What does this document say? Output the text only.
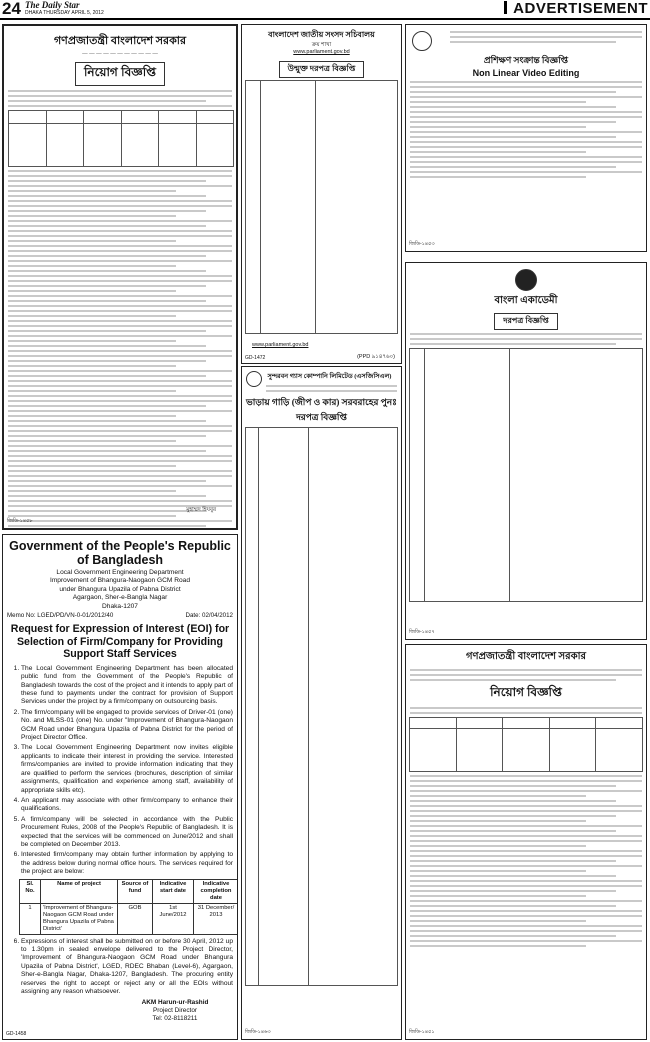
24 The Daily Star
DHAKA THURSDAY APRIL 5, 2012	ADVERTISEMENT
গণপ্রজাতন্ত্রী বাংলাদেশ সরকার
— — — — — — — — — — —
নিয়োগ বিজ্ঞপ্তি

মুহাম্মদ হিযবুর
জিডি-১৪৫৮
বাংলাদেশ জাতীয় সংসদ সচিবালয়
ক্রয় শাখা
www.parliament.gov.bd
উন্মুক্ত দরপত্র বিজ্ঞপ্তি

www.parliament.gov.bd
GD-1472	(PPD ৯১৪৭৬০)
প্রশিক্ষণ সংক্রান্ত বিজ্ঞপ্তি
Non Linear Video Editing
জিডি-১৪৫৩
বাংলা একাডেমী
দরপত্র বিজ্ঞপ্তি

জিডি-১৪৫৭
সুন্দরবন গ্যাস কোম্পানি লিমিটেড (এসজিসিএল)
ভাড়ায় গাড়ি (জীপ ও কার) সরবরাহের পুনঃ দরপত্র বিজ্ঞপ্তি

জিডি-১৪৬৩
গণপ্রজাতন্ত্রী বাংলাদেশ সরকার
নিয়োগ বিজ্ঞপ্তি

জিডি-১৪৫১
Government of the People's Republic
of Bangladesh
Local Government Engineering Department
Improvement of Bhangura-Naogaon GCM Road
under Bhangura Upazila of Pabna District
Agargaon, Sher-e-Bangla Nagar
Dhaka-1207
Memo No: LGED/PD/VN-0-01/2012/40	Date: 02/04/2012
Request for Expression of Interest (EOI) for Selection of Firm/Company for Providing Support Staff Services
1. The Local Government Engineering Department has been allocated public fund from the Government of the People's Republic of Bangladesh towards the cost of the project and it intends to apply part of these fund to payments under the contract for provision of Support Services under the project by a firm/company on outsourcing basis.
2. The firm/company will be engaged to provide services of Driver-01 (one) No. and MLSS-01 (one) No. under "Improvement of Bhangura-Naogaon GCM Road under Bhangura Upazila of Pabna District for the period of Project Director Office.
3. The Local Government Engineering Department now invites eligible applicants to indicate their interest in providing the service. Interested firms/companies are invited to provide information indicating that they are qualified to perform the services (brochures, description of similar assignments, qualification and experience among staff, availability of appropriate skills etc).
4. An applicant may associate with other firm/company to enhance their qualifications.
5. A firm/company will be selected in accordance with the Public Procurement Rules, 2008 of the People's Republic of Bangladesh. It is expected that the services will be commenced on June/2012 and shall be completed on December 2013.
6. Interested firm/company may obtain further information by applying to the address below during normal office hours. The services required for the project are below:
Sl. No.	Name of project	Source of fund	Indicative start date	Indicative completion date
1	'Improvement of Bhangura-Naogaon GCM Road under Bhangura Upazila of Pabna District'	GOB	1st June/2012	31 December/ 2013
6. Expressions of interest shall be submitted on or before 30 April, 2012 up to 1.30pm in sealed envelope delivered to the Project Director, 'Improvement of Bhangura-Naogaon GCM Road under Bhangura Upazila of Pabna District', LGED, RDEC Bhaban (Level-6), Agargaon, Sher-e-Bangla Nagar, Dhaka-1207, Bangladesh. The procuring entity reserves the right to accept or reject any or all the EOIs without assigning any reason whatsoever.
AKM Harun-ur-Rashid
Project Director
Tel: 02-8118211
GD-1458
